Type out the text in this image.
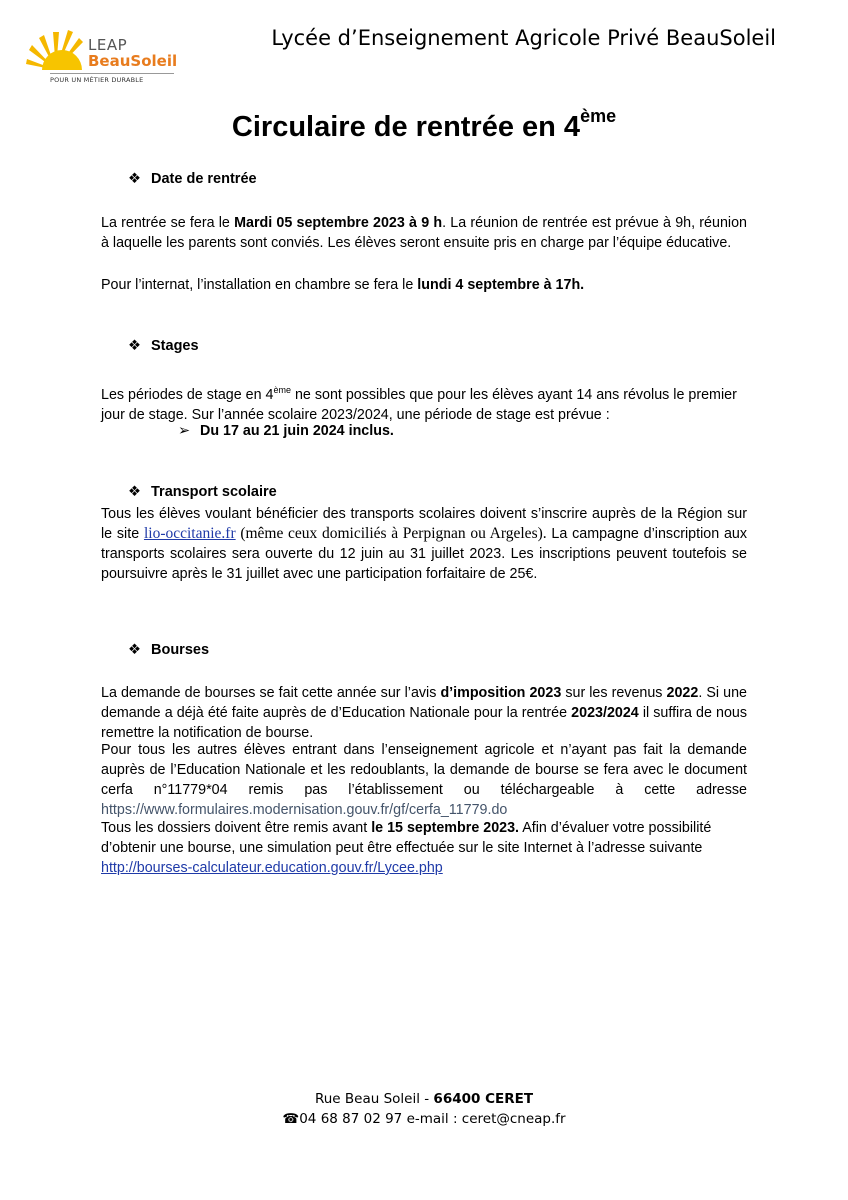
LEAP
BeauSoleil
POUR UN MÉTIER DURABLE
Lycée d’Enseignement Agricole Privé BeauSoleil
Circulaire de rentrée en 4ème
❖ Date de rentrée
La rentrée se fera le Mardi 05 septembre 2023 à 9 h. La réunion de rentrée est prévue à 9h, réunion à laquelle les parents sont conviés. Les élèves seront ensuite pris en charge par l’équipe éducative.
Pour l’internat, l’installation en chambre se fera le lundi 4 septembre à 17h.
❖ Stages
Les périodes de stage en 4ème ne sont possibles que pour les élèves ayant 14 ans révolus le premier jour de stage. Sur l’année scolaire 2023/2024, une période de stage est prévue :
➢ Du 17 au 21 juin 2024 inclus.
❖ Transport scolaire
Tous les élèves voulant bénéficier des transports scolaires doivent s’inscrire auprès de la Région sur le site lio-occitanie.fr (même ceux domiciliés à Perpignan ou Argeles). La campagne d’inscription aux transports scolaires sera ouverte du 12 juin au 31 juillet 2023. Les inscriptions peuvent toutefois se poursuivre après le 31 juillet avec une participation forfaitaire de 25€.
❖ Bourses
La demande de bourses se fait cette année sur l’avis d’imposition 2023 sur les revenus 2022. Si une demande a déjà été faite auprès de d’Education Nationale pour la rentrée 2023/2024 il suffira de nous remettre la notification de bourse.
Pour tous les autres élèves entrant dans l’enseignement agricole et n’ayant pas fait la demande auprès de l’Education Nationale et les redoublants, la demande de bourse se fera avec le document cerfa n°11779*04 remis pas l’établissement ou téléchargeable à cette adresse
https://www.formulaires.modernisation.gouv.fr/gf/cerfa_11779.do
Tous les dossiers doivent être remis avant le 15 septembre 2023. Afin d’évaluer votre possibilité d’obtenir une bourse, une simulation peut être effectuée sur le site Internet à l’adresse suivante
http://bourses-calculateur.education.gouv.fr/Lycee.php
Rue Beau Soleil - 66400 CERET
☎04 68 87 02 97 e-mail : ceret@cneap.fr
